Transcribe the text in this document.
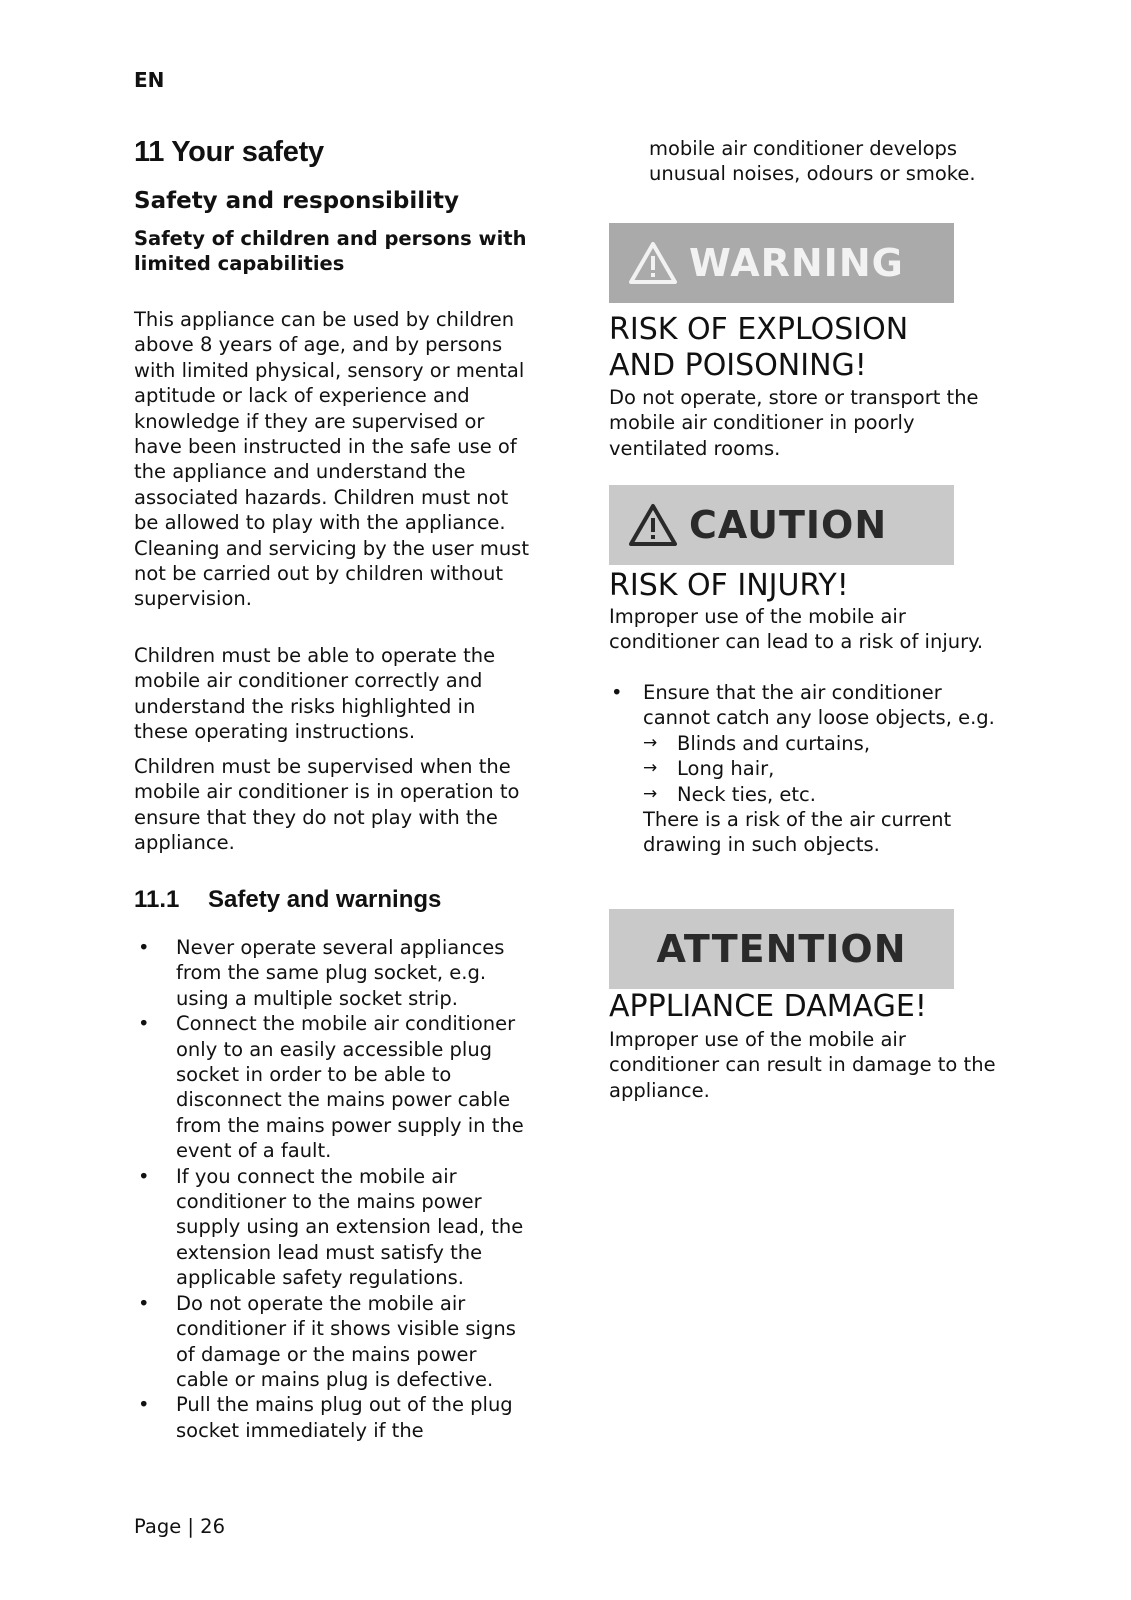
EN
11 Your safety
Safety and responsibility
Safety of children and persons with limited capabilities

This appliance can be used by children above 8 years of age, and by persons with limited physical, sensory or mental aptitude or lack of experience and knowledge if they are supervised or have been instructed in the safe use of the appliance and understand the associated hazards. Children must not be allowed to play with the appliance. Cleaning and servicing by the user must not be carried out by children without supervision.

Children must be able to operate the mobile air conditioner correctly and understand the risks highlighted in these operating instructions.

Children must be supervised when the mobile air conditioner is in operation to ensure that they do not play with the appliance.

11.1 Safety and warnings
• Never operate several appliances from the same plug socket, e.g. using a multiple socket strip.
• Connect the mobile air conditioner only to an easily accessible plug socket in order to be able to disconnect the mains power cable from the mains power supply in the event of a fault.
• If you connect the mobile air conditioner to the mains power supply using an extension lead, the extension lead must satisfy the applicable safety regulations.
• Do not operate the mobile air conditioner if it shows visible signs of damage or the mains power cable or mains plug is defective.
• Pull the mains plug out of the plug socket immediately if the

mobile air conditioner develops unusual noises, odours or smoke.

WARNING
RISK OF EXPLOSION
AND POISONING!

Do not operate, store or transport the mobile air conditioner in poorly ventilated rooms.

CAUTION
RISK OF INJURY!

Improper use of the mobile air conditioner can lead to a risk of injury.

• Ensure that the air conditioner cannot catch any loose objects, e.g.
→ Blinds and curtains,
→ Long hair,
→ Neck ties, etc.
There is a risk of the air current drawing in such objects.
ATTENTION
APPLIANCE DAMAGE!

Improper use of the mobile air conditioner can result in damage to the appliance.

Page | 26
